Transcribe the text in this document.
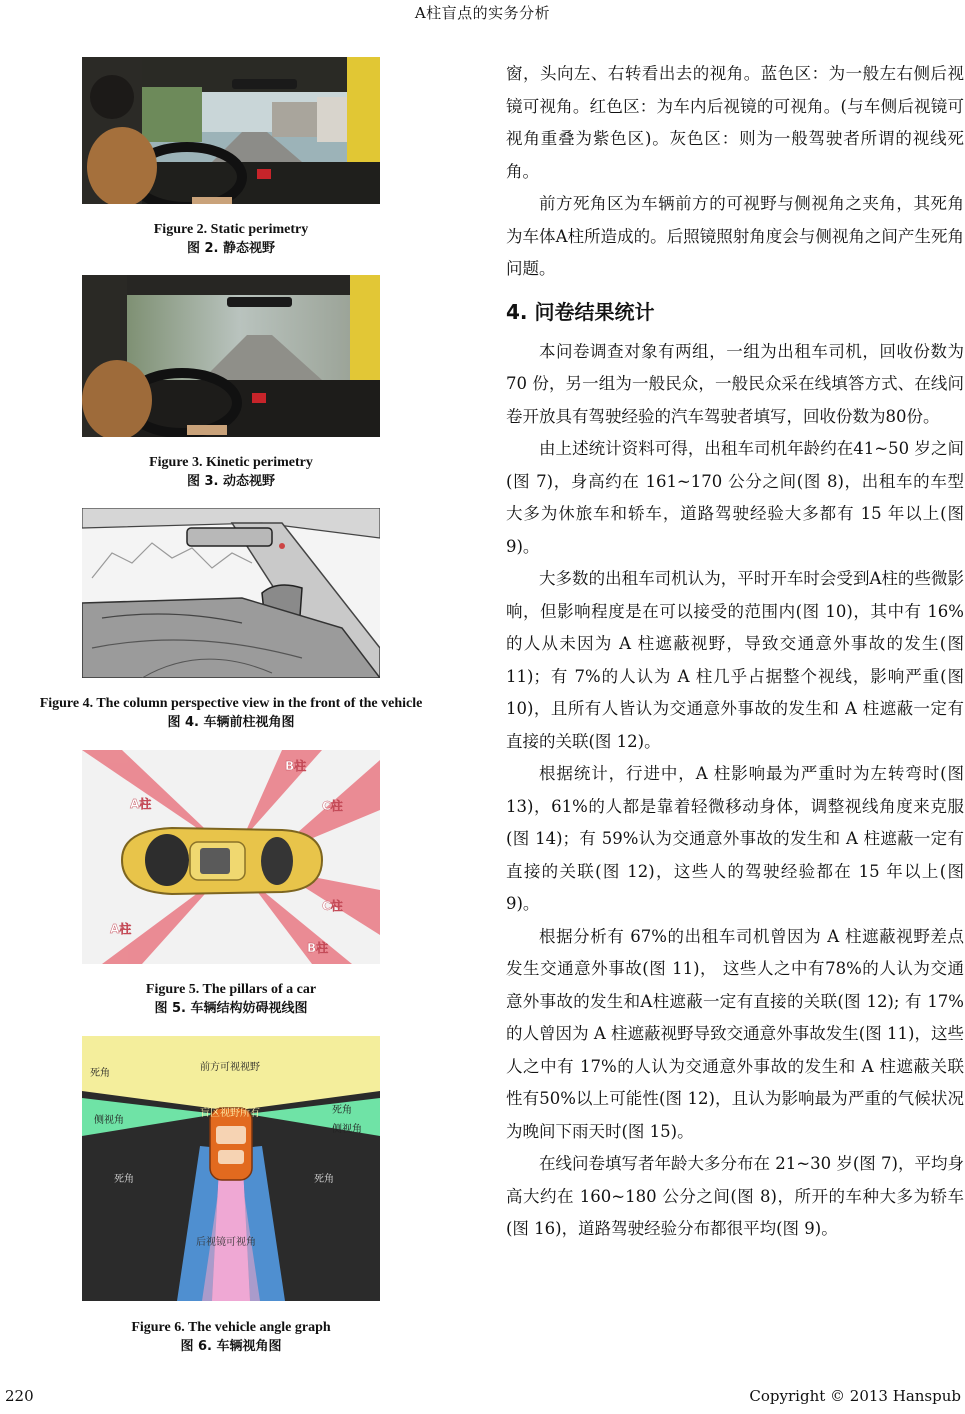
A柱盲点的实务分析
Figure 2. Static perimetry
图 2. 静态视野
Figure 3. Kinetic perimetry
图 3. 动态视野
Figure 4. The column perspective view in the front of the vehicle
图 4. 车辆前柱视角图
A柱
B柱
C柱
A柱
C柱
B柱
Figure 5. The pillars of a car
图 5. 车辆结构妨碍视线图
前方可视视野
死角
侧视角
死角
侧视角
死角	死角
后视镜可视角
盲区视野所有
Figure 6. The vehicle angle graph
图 6. 车辆视角图

窗，头向左、右转看出去的视角。蓝色区：为一般左右侧后视镜可视角。红色区：为车内后视镜的可视角。(与车侧后视镜可视角重叠为紫色区)。灰色区：则为一般驾驶者所谓的视线死角。

前方死角区为车辆前方的可视野与侧视角之夹角，其死角为车体A柱所造成的。后照镜照射角度会与侧视角之间产生死角问题。

4. 问卷结果统计

本问卷调查对象有两组，一组为出租车司机，回收份数为 70 份，另一组为一般民众，一般民众采在线填答方式、在线问卷开放具有驾驶经验的汽车驾驶者填写，回收份数为80份。

由上述统计资料可得，出租车司机年龄约在41~50 岁之间(图 7)，身高约在 161~170 公分之间(图 8)，出租车的车型大多为休旅车和轿车，道路驾驶经验大多都有 15 年以上(图 9)。

大多数的出租车司机认为，平时开车时会受到A柱的些微影响，但影响程度是在可以接受的范围内(图 10)，其中有 16%的人从未因为 A 柱遮蔽视野，导致交通意外事故的发生(图 11)；有 7%的人认为 A 柱几乎占据整个视线，影响严重(图 10)，且所有人皆认为交通意外事故的发生和 A 柱遮蔽一定有直接的关联(图 12)。

根据统计，行进中，A 柱影响最为严重时为左转弯时(图 13)，61%的人都是靠着轻微移动身体，调整视线角度来克服(图 14)；有 59%认为交通意外事故的发生和 A 柱遮蔽一定有直接的关联(图 12)，这些人的驾驶经验都在 15 年以上(图 9)。

根据分析有 67%的出租车司机曾因为 A 柱遮蔽视野差点发生交通意外事故(图 11)， 这些人之中有78%的人认为交通意外事故的发生和A柱遮蔽一定有直接的关联(图 12); 有 17%的人曾因为 A 柱遮蔽视野导致交通意外事故发生(图 11)，这些人之中有 17%的人认为交通意外事故的发生和 A 柱遮蔽关联性有50%以上可能性(图 12)，且认为影响最为严重的气候状况为晚间下雨天时(图 15)。

在线问卷填写者年龄大多分布在 21~30 岁(图 7)，平均身高大约在 160~180 公分之间(图 8)，所开的车种大多为轿车(图 16)，道路驾驶经验分布都很平均(图 9)。

220	Copyright © 2013 Hanspub
